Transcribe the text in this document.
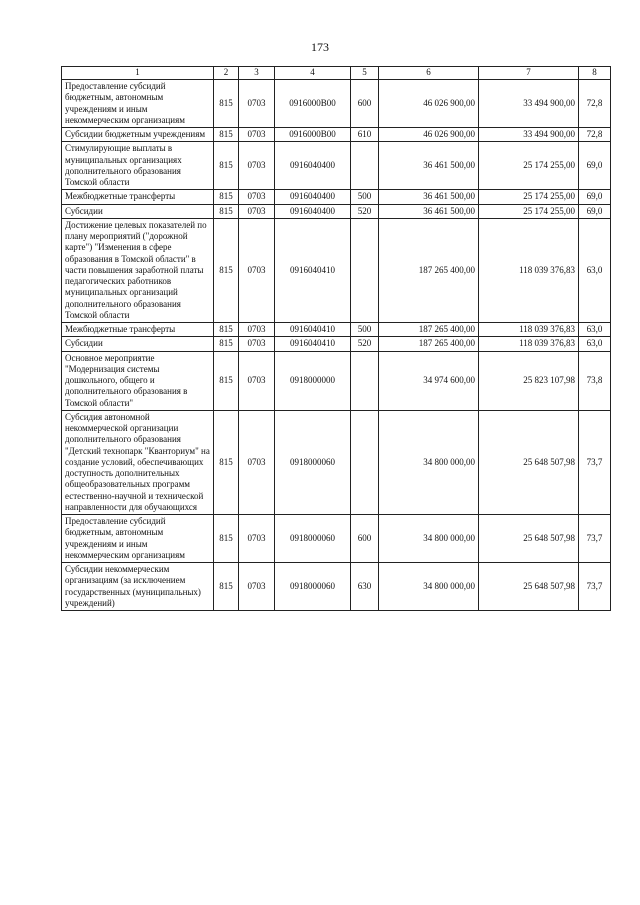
173
1	2	3	4	5	6	7	8
Предоставление субсидий бюджетным, автономным учреждениям и иным некоммерческим организациям	815	0703	0916000В00	600	46 026 900,00	33 494 900,00	72,8
Субсидии бюджетным учреждениям	815	0703	0916000В00	610	46 026 900,00	33 494 900,00	72,8
Стимулирующие выплаты в муниципальных организациях дополнительного образования Томской области	815	0703	0916040400		36 461 500,00	25 174 255,00	69,0
Межбюджетные трансферты	815	0703	0916040400	500	36 461 500,00	25 174 255,00	69,0
Субсидии	815	0703	0916040400	520	36 461 500,00	25 174 255,00	69,0
Достижение целевых показателей по плану мероприятий ("дорожной карте") "Изменения в сфере образования в Томской области" в части повышения заработной платы педагогических работников муниципальных организаций дополнительного образования Томской области	815	0703	0916040410		187 265 400,00	118 039 376,83	63,0
Межбюджетные трансферты	815	0703	0916040410	500	187 265 400,00	118 039 376,83	63,0
Субсидии	815	0703	0916040410	520	187 265 400,00	118 039 376,83	63,0
Основное мероприятие "Модернизация системы дошкольного, общего и дополнительного образования в Томской области"	815	0703	0918000000		34 974 600,00	25 823 107,98	73,8
Субсидия автономной некоммерческой организации дополнительного образования "Детский технопарк "Кванториум" на создание условий, обеспечивающих доступность дополнительных общеобразовательных программ естественно-научной и технической направленности для обучающихся	815	0703	0918000060		34 800 000,00	25 648 507,98	73,7
Предоставление субсидий бюджетным, автономным учреждениям и иным некоммерческим организациям	815	0703	0918000060	600	34 800 000,00	25 648 507,98	73,7
Субсидии некоммерческим организациям (за исключением государственных (муниципальных) учреждений)	815	0703	0918000060	630	34 800 000,00	25 648 507,98	73,7
